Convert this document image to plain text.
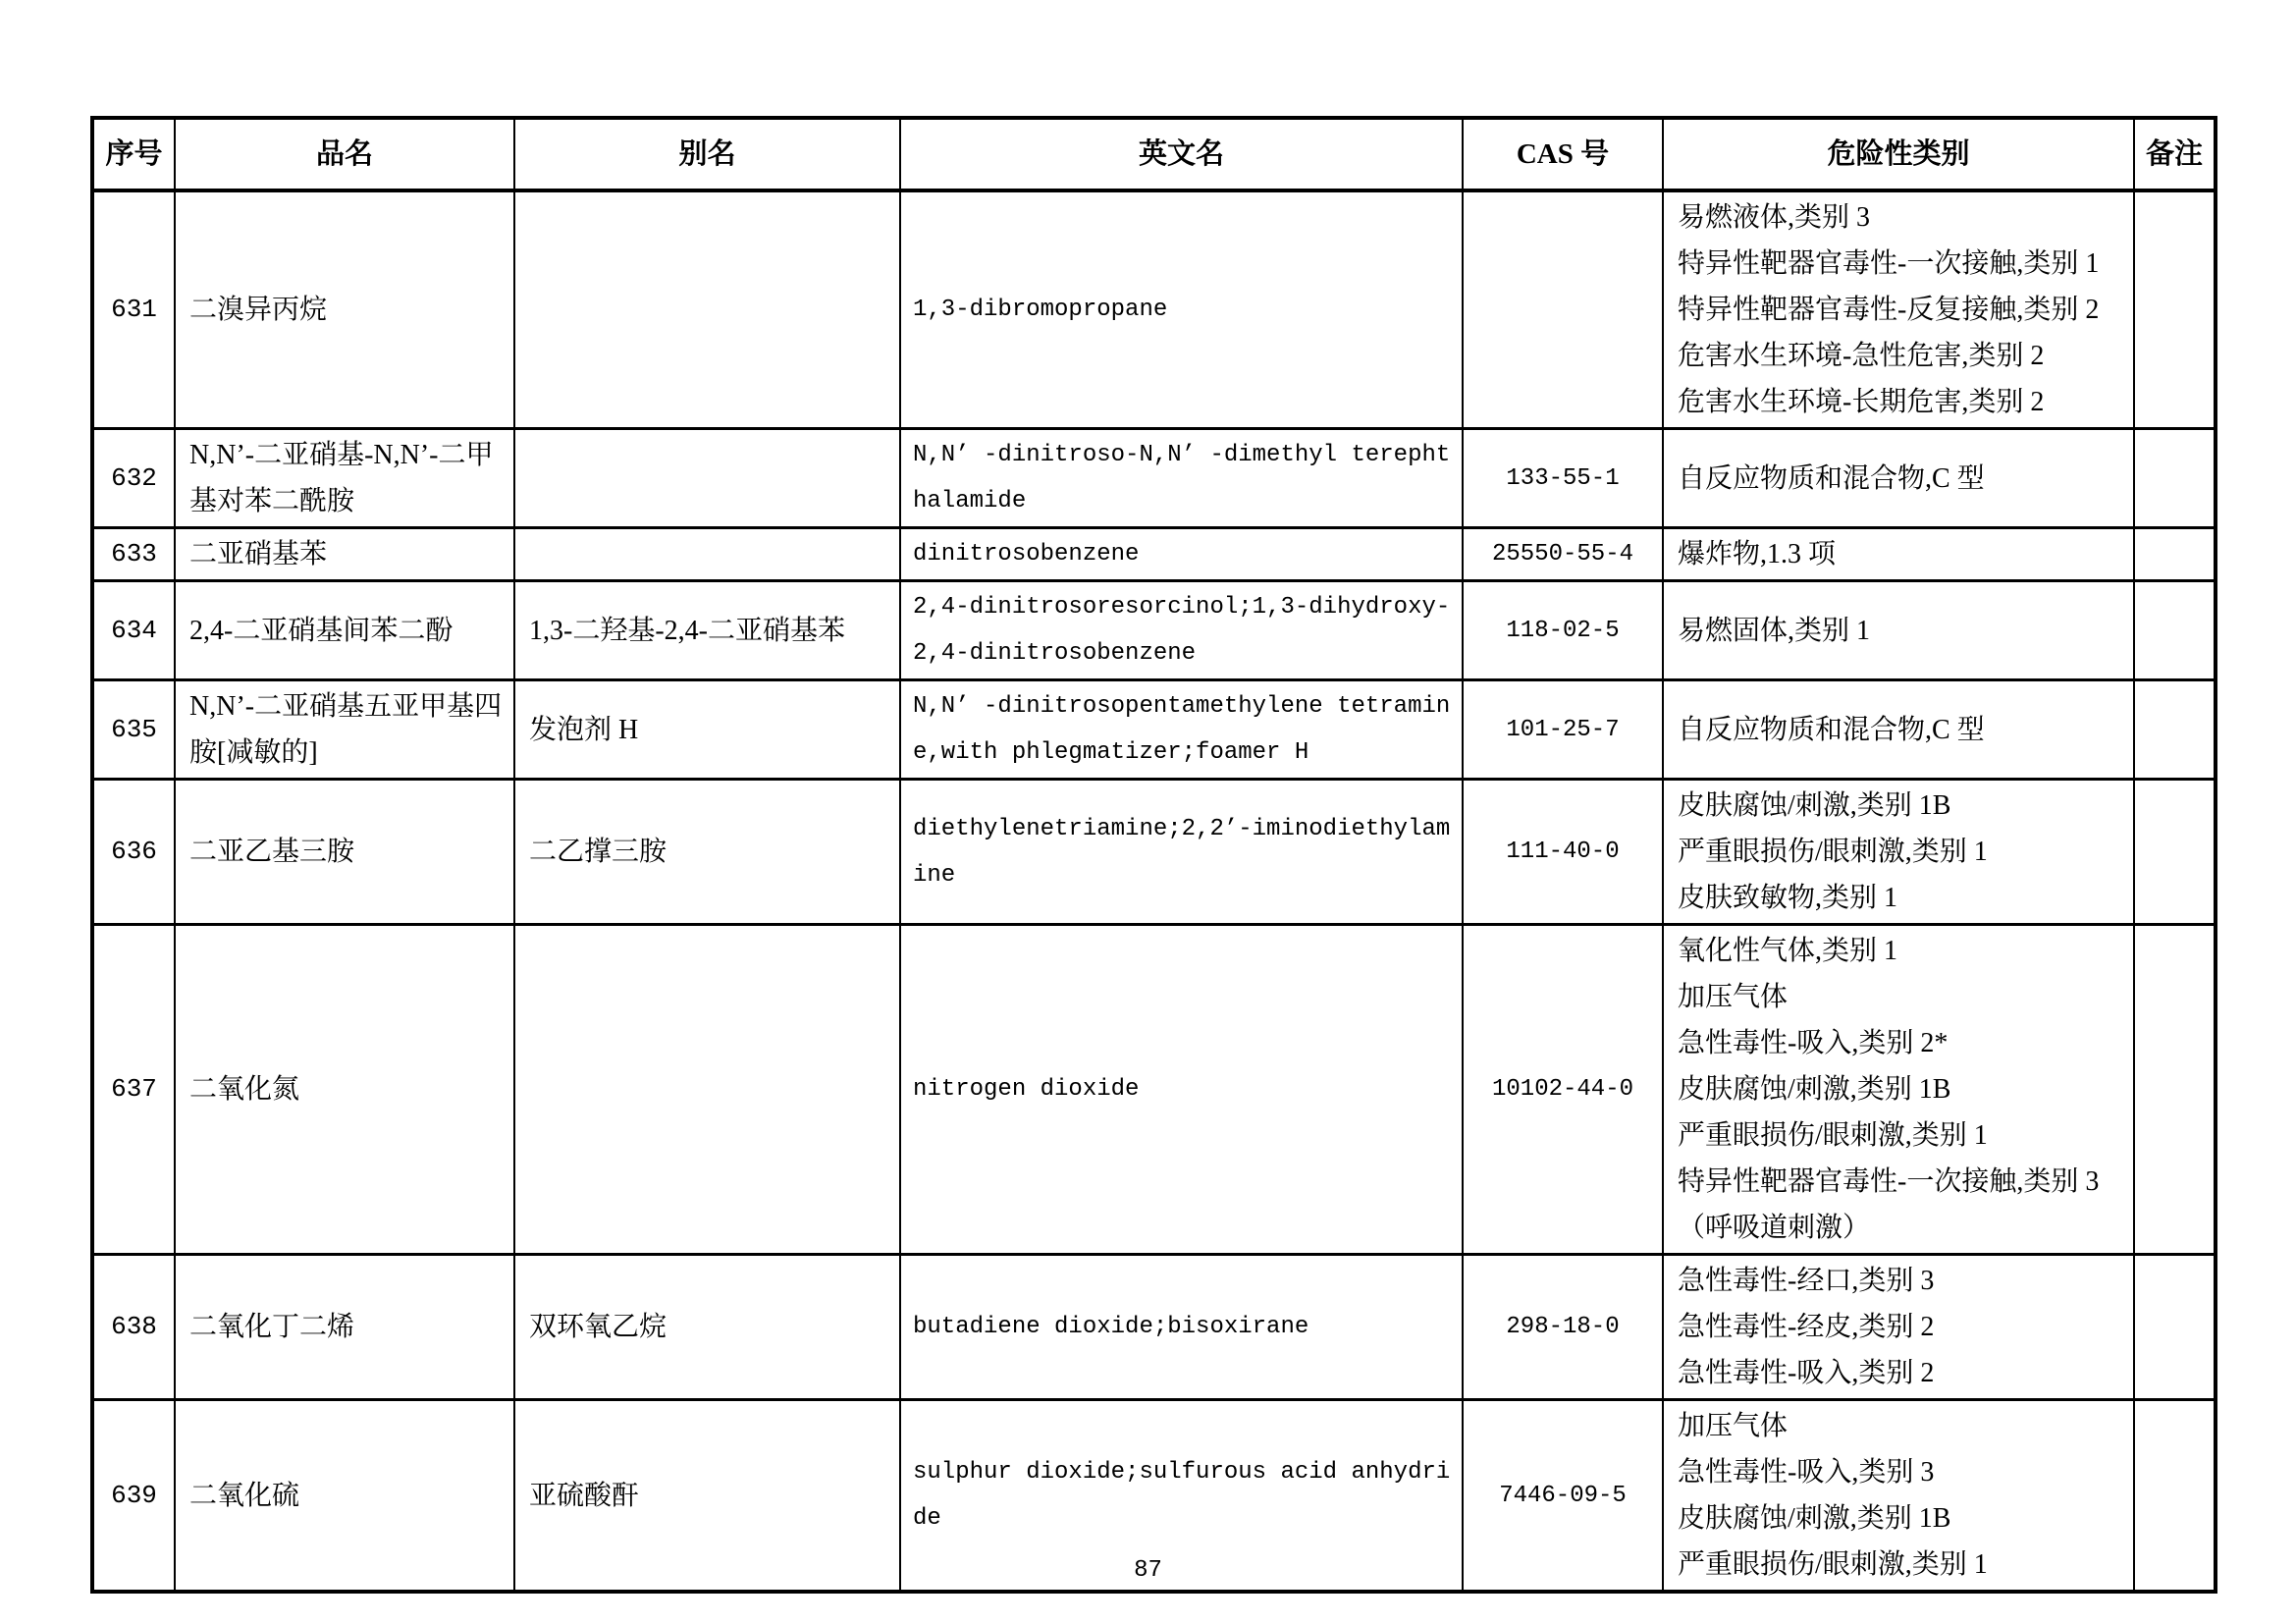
序号	品名	别名	英文名	CAS 号	危险性类别	备注
631	二溴异丙烷		1,3-dibromopropane		易燃液体,类别 3
特异性靶器官毒性-一次接触,类别 1
特异性靶器官毒性-反复接触,类别 2
危害水生环境-急性危害,类别 2
危害水生环境-长期危害,类别 2	

632	N,N’-二亚硝基-N,N’-二甲基对苯二酰胺		N,N’ -dinitroso-N,N’ -dimethyl terephthalamide	133-55-1	自反应物质和混合物,C 型	

633	二亚硝基苯		dinitrosobenzene	25550-55-4	爆炸物,1.3 项	

634	2,4-二亚硝基间苯二酚	1,3-二羟基-2,4-二亚硝基苯	2,4-dinitrosoresorcinol;1,3-dihydroxy-2,4-dinitrosobenzene	118-02-5	易燃固体,类别 1	

635	N,N’-二亚硝基五亚甲基四胺[减敏的]	发泡剂 H	N,N’ -dinitrosopentamethylene tetramine,with phlegmatizer;foamer H	101-25-7	自反应物质和混合物,C 型	

636	二亚乙基三胺	二乙撑三胺	diethylenetriamine;2,2’-iminodiethylamine	111-40-0	皮肤腐蚀/刺激,类别 1B
严重眼损伤/眼刺激,类别 1
皮肤致敏物,类别 1	

637	二氧化氮		nitrogen dioxide	10102-44-0	
氧化性气体,类别 1
加压气体
急性毒性-吸入,类别 2*
皮肤腐蚀/刺激,类别 1B
严重眼损伤/眼刺激,类别 1
特异性靶器官毒性-一次接触,类别 3
（呼吸道刺激）

638	二氧化丁二烯	双环氧乙烷	butadiene dioxide;bisoxirane	298-18-0	急性毒性-经口,类别 3
急性毒性-经皮,类别 2
急性毒性-吸入,类别 2	

639	二氧化硫	亚硫酸酐	sulphur dioxide;sulfurous acid anhydride	7446-09-5	加压气体
急性毒性-吸入,类别 3
皮肤腐蚀/刺激,类别 1B
严重眼损伤/眼刺激,类别 1	

87
